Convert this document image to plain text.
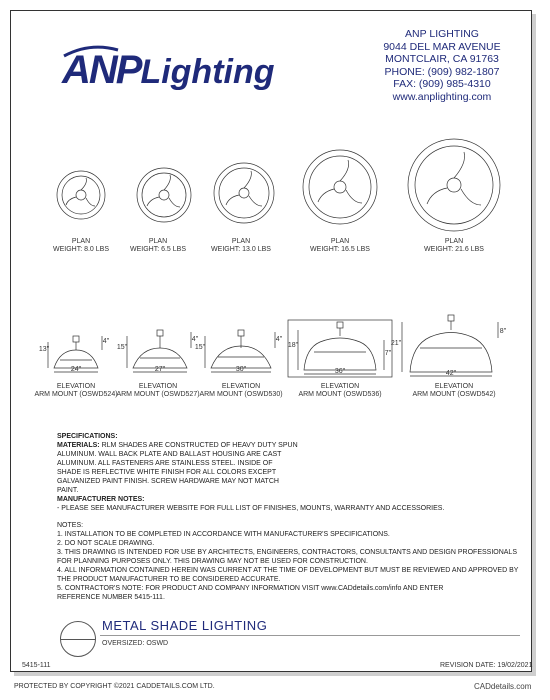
ANPLighting
ANP LIGHTING
9044 DEL MAR AVENUE
MONTCLAIR, CA 91763
PHONE: (909) 982-1807
FAX: (909) 985-4310
www.anplighting.com
PLAN
WEIGHT: 8.0 LBS
PLAN
WEIGHT: 6.5 LBS
PLAN
WEIGHT: 13.0 LBS
PLAN
WEIGHT: 16.5 LBS
PLAN
WEIGHT: 21.6 LBS
24"
13"
4"
27"
15"
4"
30"
15"
4"
36"
18"
7"
42"
21"
8"
ELEVATION
ARM MOUNT (OSWD524)
ELEVATION
ARM MOUNT (OSWD527)
ELEVATION
ARM MOUNT (OSWD530)
ELEVATION
ARM MOUNT (OSWD536)
ELEVATION
ARM MOUNT (OSWD542)
SPECIFICATIONS:
MATERIALS: RLM SHADES ARE CONSTRUCTED OF HEAVY DUTY SPUN
ALUMINUM. WALL BACK PLATE AND BALLAST HOUSING ARE CAST
ALUMINUM. ALL FASTENERS ARE STAINLESS STEEL. INSIDE OF
SHADE IS REFLECTIVE WHITE FINISH FOR ALL COLORS EXCEPT
GALVANIZED PAINT FINISH. SCREW HARDWARE MAY NOT MATCH
PAINT.
MANUFACTURER NOTES:
- PLEASE SEE MANUFACTURER WEBSITE FOR FULL LIST OF FINISHES, MOUNTS, WARRANTY AND ACCESSORIES.
NOTES:
1. INSTALLATION TO BE COMPLETED IN ACCORDANCE WITH MANUFACTURER'S SPECIFICATIONS.
2. DO NOT SCALE DRAWING.
3. THIS DRAWING IS INTENDED FOR USE BY ARCHITECTS, ENGINEERS, CONTRACTORS, CONSULTANTS AND DESIGN PROFESSIONALS
FOR PLANNING PURPOSES ONLY. THIS DRAWING MAY NOT BE USED FOR CONSTRUCTION.
4. ALL INFORMATION CONTAINED HEREIN WAS CURRENT AT THE TIME OF DEVELOPMENT BUT MUST BE REVIEWED AND APPROVED BY
THE PRODUCT MANUFACTURER TO BE CONSIDERED ACCURATE.
5. CONTRACTOR'S NOTE: FOR PRODUCT AND COMPANY INFORMATION VISIT www.CADdetails.com/info AND ENTER
REFERENCE NUMBER 5415-111.
METAL SHADE LIGHTING
OVERSIZED: OSWD
5415-111	REVISION DATE: 19/02/2021
PROTECTED BY COPYRIGHT ©2021 CADDETAILS.COM LTD.	CADdetails.com
